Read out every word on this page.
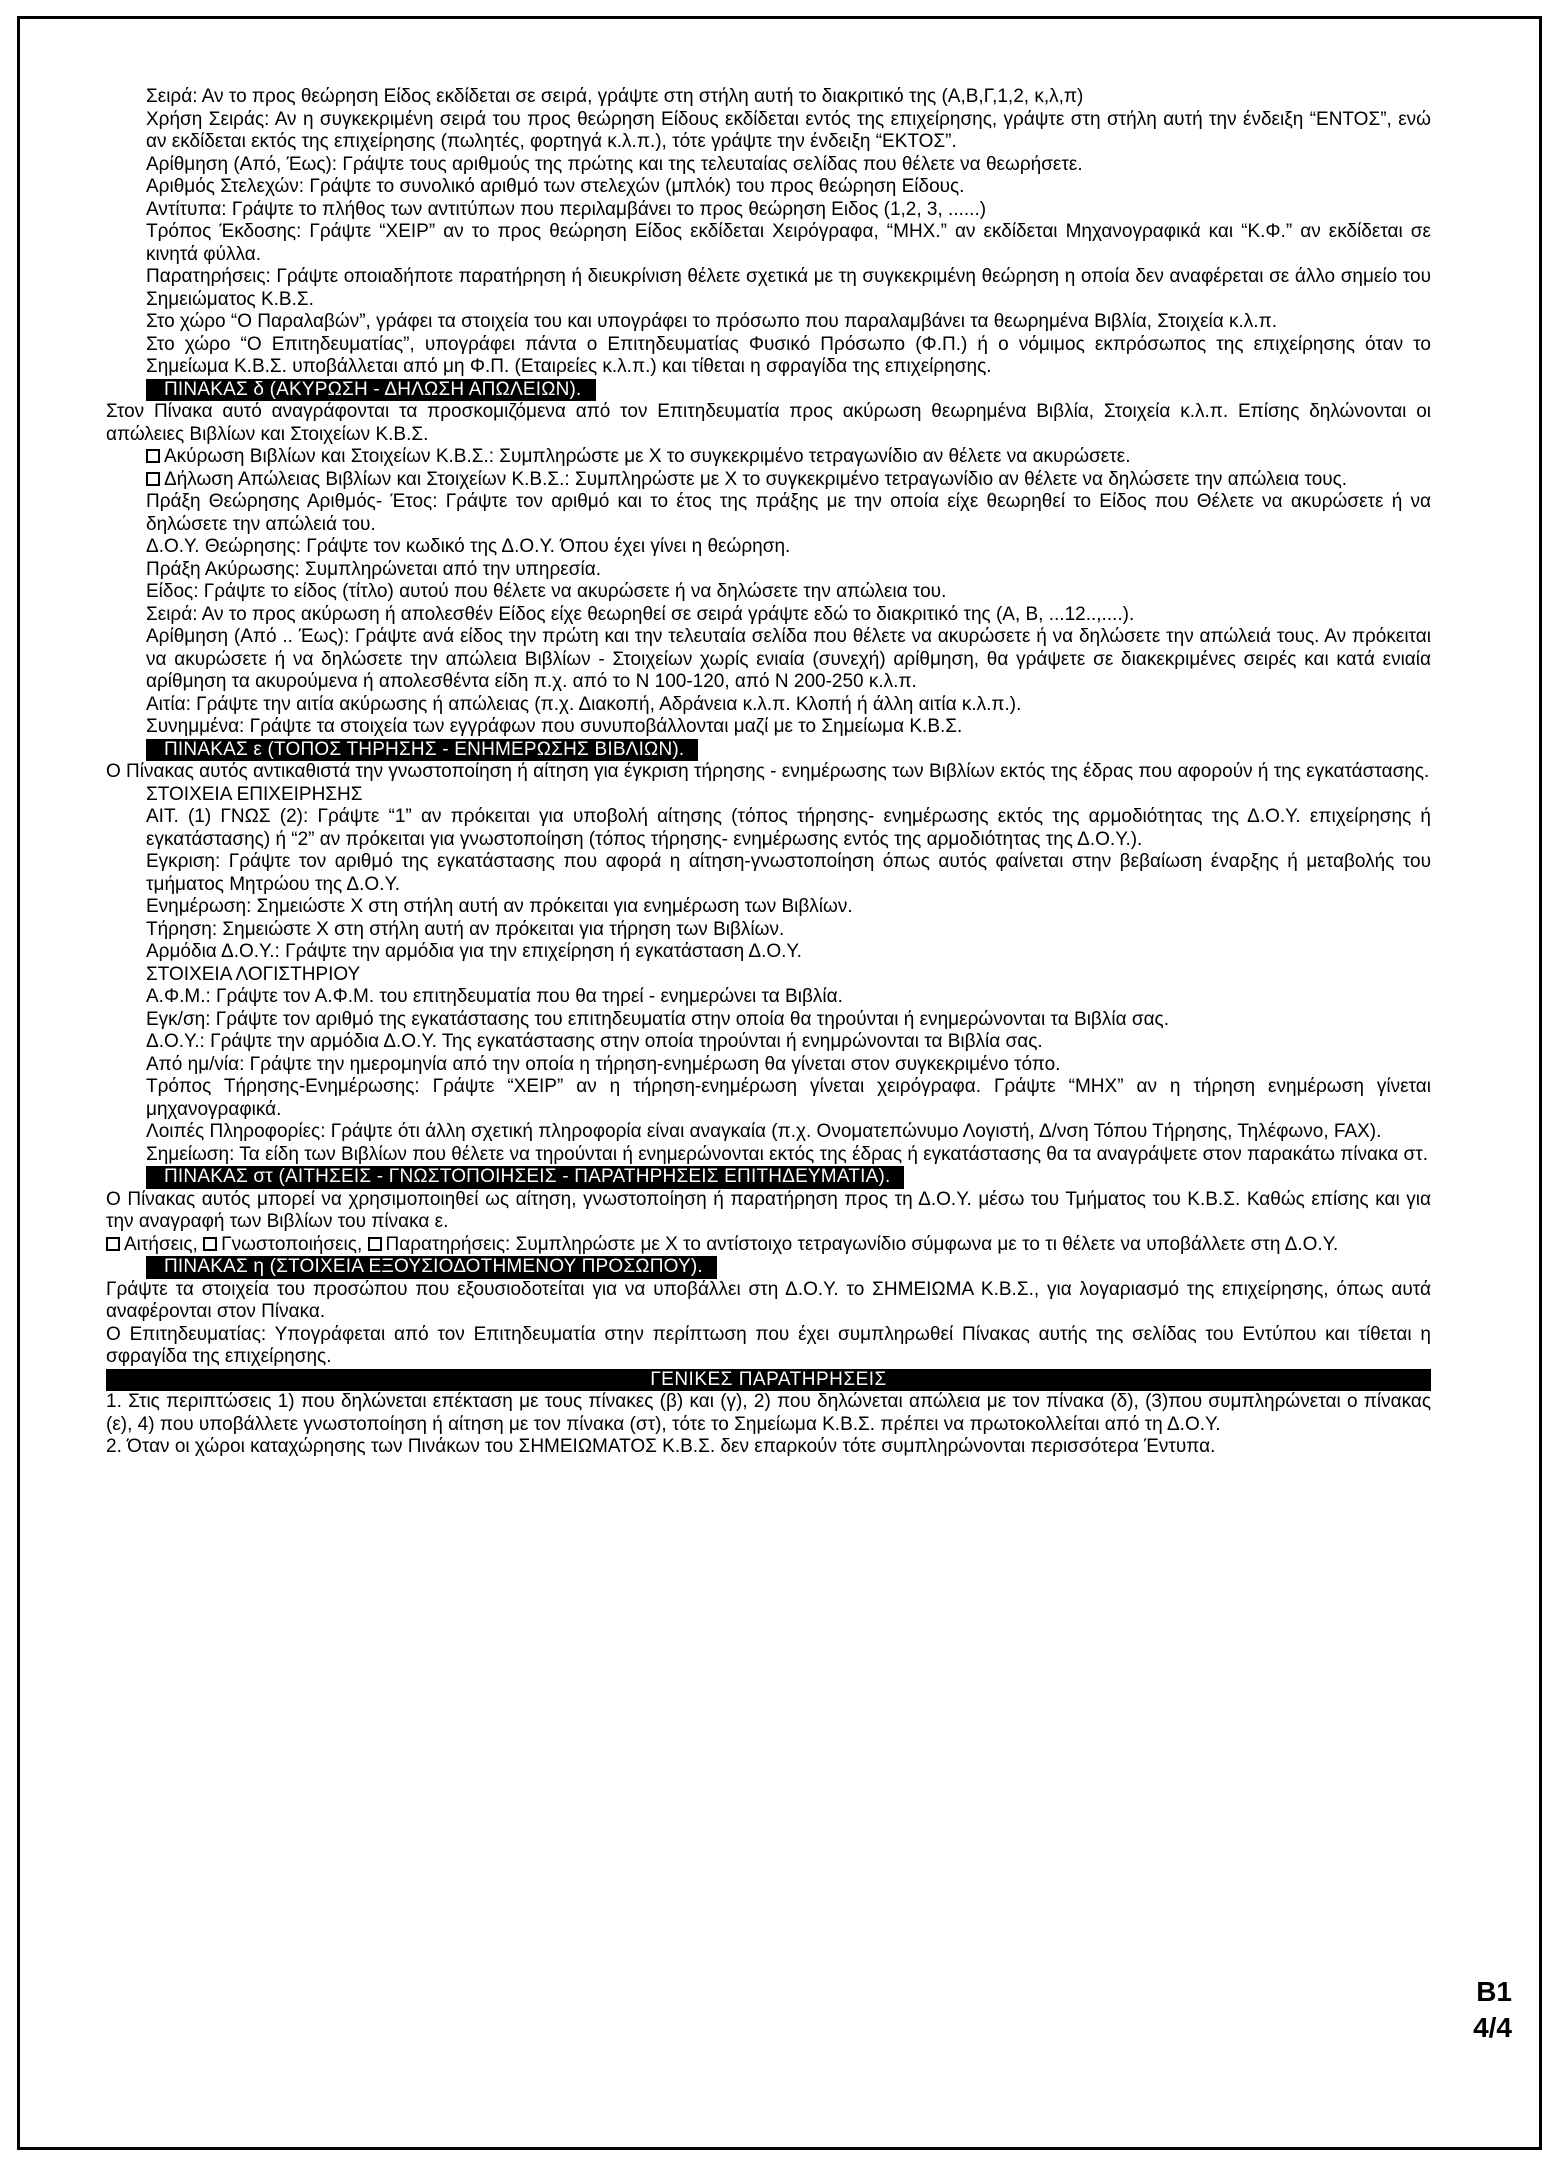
Σειρά: Αν το προς θεώρηση Είδος εκδίδεται σε σειρά, γράψτε στη στήλη αυτή το διακριτικό της (Α,Β,Γ,1,2, κ,λ,π)

Χρήση Σειράς: Αν η συγκεκριμένη σειρά του προς θεώρηση Είδους εκδίδεται εντός της επιχείρησης, γράψτε στη στήλη αυτή την ένδειξη “ΕΝΤΟΣ”, ενώ αν εκδίδεται εκτός της επιχείρησης (πωλητές, φορτηγά κ.λ.π.), τότε γράψτε την ένδειξη “ΕΚΤΟΣ”.

Αρίθμηση (Από, Έως): Γράψτε τους αριθμούς της πρώτης και της τελευταίας σελίδας που θέλετε να θεωρήσετε.

Αριθμός Στελεχών: Γράψτε το συνολικό αριθμό των στελεχών (μπλόκ) του προς θεώρηση Είδους.

Αντίτυπα: Γράψτε το πλήθος των αντιτύπων που περιλαμβάνει το προς θεώρηση Ειδος (1,2, 3, ......)

Τρόπος Έκδοσης: Γράψτε “ΧΕΙΡ” αν το προς θεώρηση Είδος εκδίδεται Χειρόγραφα, “ΜΗΧ.” αν εκδίδεται Μηχανογραφικά και “Κ.Φ.” αν εκδίδεται σε κινητά φύλλα.

Παρατηρήσεις: Γράψτε οποιαδήποτε παρατήρηση ή διευκρίνιση θέλετε σχετικά με τη συγκεκριμένη θεώρηση η οποία δεν αναφέρεται σε άλλο σημείο του Σημειώματος Κ.Β.Σ.

Στο χώρο “Ο Παραλαβών”, γράφει τα στοιχεία του και υπογράφει το πρόσωπο που παραλαμβάνει τα θεωρημένα Βιβλία, Στοιχεία κ.λ.π.

Στο χώρο “Ο Επιτηδευματίας”, υπογράφει πάντα ο Επιτηδευματίας Φυσικό Πρόσωπο (Φ.Π.) ή ο νόμιμος εκπρόσωπος της επιχείρησης όταν το Σημείωμα Κ.Β.Σ. υποβάλλεται από μη Φ.Π. (Εταιρείες κ.λ.π.) και τίθεται η σφραγίδα της επιχείρησης.

ΠΙΝΑΚΑΣ δ (ΑΚΥΡΩΣΗ - ΔΗΛΩΣΗ ΑΠΩΛΕΙΩΝ).

Στον Πίνακα αυτό αναγράφονται τα προσκομιζόμενα από τον Επιτηδευματία προς ακύρωση θεωρημένα Βιβλία, Στοιχεία κ.λ.π. Επίσης δηλώνονται οι απώλειες Βιβλίων και Στοιχείων Κ.Β.Σ.

Ακύρωση Βιβλίων και Στοιχείων Κ.Β.Σ.: Συμπληρώστε με Χ το συγκεκριμένο τετραγωνίδιο αν θέλετε να ακυρώσετε.

Δήλωση Απώλειας Βιβλίων και Στοιχείων Κ.Β.Σ.: Συμπληρώστε με Χ το συγκεκριμένο τετραγωνίδιο αν θέλετε να δηλώσετε την απώλεια τους.

Πράξη Θεώρησης Αριθμός- Έτος: Γράψτε τον αριθμό και το έτος της πράξης με την οποία είχε θεωρηθεί το Είδος που Θέλετε να ακυρώσετε ή να δηλώσετε την απώλειά του.

Δ.Ο.Υ. Θεώρησης: Γράψτε τον κωδικό της Δ.Ο.Υ. Όπου έχει γίνει η θεώρηση.

Πράξη Ακύρωσης: Συμπληρώνεται από την υπηρεσία.

Είδος: Γράψτε το είδος (τίτλο) αυτού που θέλετε να ακυρώσετε ή να δηλώσετε την απώλεια του.

Σειρά: Αν το προς ακύρωση ή απολεσθέν Είδος είχε θεωρηθεί σε σειρά γράψτε εδώ το διακριτικό της (Α, Β, ...12..,....).

Αρίθμηση (Από .. Έως): Γράψτε ανά είδος την πρώτη και την τελευταία σελίδα που θέλετε να ακυρώσετε ή να δηλώσετε την απώλειά τους. Αν πρόκειται να ακυρώσετε ή να δηλώσετε την απώλεια Βιβλίων - Στοιχείων χωρίς ενιαία (συνεχή) αρίθμηση, θα γράψετε σε διακεκριμένες σειρές και κατά ενιαία αρίθμηση τα ακυρούμενα ή απολεσθέντα είδη π.χ. από το Ν 100-120, από Ν 200-250 κ.λ.π.

Αιτία: Γράψτε την αιτία ακύρωσης ή απώλειας (π.χ. Διακοπή, Αδράνεια κ.λ.π. Κλοπή ή άλλη αιτία κ.λ.π.).

Συνημμένα: Γράψτε τα στοιχεία των εγγράφων που συνυποβάλλονται μαζί με το Σημείωμα Κ.Β.Σ.

ΠΙΝΑΚΑΣ ε (ΤΟΠΟΣ ΤΗΡΗΣΗΣ - ΕΝΗΜΕΡΩΣΗΣ ΒΙΒΛΙΩΝ).

Ο Πίνακας αυτός αντικαθιστά την γνωστοποίηση ή αίτηση για έγκριση τήρησης - ενημέρωσης των Βιβλίων εκτός της έδρας που αφορούν ή της εγκατάστασης.

ΣΤΟΙΧΕΙΑ ΕΠΙΧΕΙΡΗΣΗΣ

ΑΙΤ. (1) ΓΝΩΣ (2): Γράψτε “1” αν πρόκειται για υποβολή αίτησης (τόπος τήρησης- ενημέρωσης εκτός της αρμοδιότητας της Δ.Ο.Υ. επιχείρησης ή εγκατάστασης) ή “2” αν πρόκειται για γνωστοποίηση (τόπος τήρησης- ενημέρωσης εντός της αρμοδιότητας της Δ.Ο.Υ.).

Εγκριση: Γράψτε τον αριθμό της εγκατάστασης που αφορά η αίτηση-γνωστοποίηση όπως αυτός φαίνεται στην βεβαίωση έναρξης ή μεταβολής του τμήματος Μητρώου της Δ.Ο.Υ.

Ενημέρωση: Σημειώστε Χ στη στήλη αυτή αν πρόκειται για ενημέρωση των Βιβλίων.

Τήρηση: Σημειώστε Χ στη στήλη αυτή αν πρόκειται για τήρηση των Βιβλίων.

Αρμόδια Δ.Ο.Υ.: Γράψτε την αρμόδια για την επιχείρηση ή εγκατάσταση Δ.Ο.Υ.

ΣΤΟΙΧΕΙΑ ΛΟΓΙΣΤΗΡΙΟΥ

Α.Φ.Μ.: Γράψτε τον Α.Φ.Μ. του επιτηδευματία που θα τηρεί - ενημερώνει τα Βιβλία.

Εγκ/ση: Γράψτε τον αριθμό της εγκατάστασης του επιτηδευματία στην οποία θα τηρούνται ή ενημερώνονται τα Βιβλία σας.

Δ.Ο.Υ.: Γράψτε την αρμόδια Δ.Ο.Υ. Της εγκατάστασης στην οποία τηρούνται ή ενημρώνονται τα Βιβλία σας.

Από ημ/νία: Γράψτε την ημερομηνία από την οποία η τήρηση-ενημέρωση θα γίνεται στον συγκεκριμένο τόπο.

Τρόπος Τήρησης-Ενημέρωσης: Γράψτε “ΧΕΙΡ” αν η τήρηση-ενημέρωση γίνεται χειρόγραφα. Γράψτε “ΜΗΧ” αν η τήρηση ενημέρωση γίνεται μηχανογραφικά.

Λοιπές Πληροφορίες: Γράψτε ότι άλλη σχετική πληροφορία είναι αναγκαία (π.χ. Ονοματεπώνυμο Λογιστή, Δ/νση Τόπου Τήρησης, Τηλέφωνο, FAX).

Σημείωση: Τα είδη των Βιβλίων που θέλετε να τηρούνται ή ενημερώνονται εκτός της έδρας ή εγκατάστασης θα τα αναγράψετε στον παρακάτω πίνακα στ.

ΠΙΝΑΚΑΣ στ (ΑΙΤΗΣΕΙΣ - ΓΝΩΣΤΟΠΟΙΗΣΕΙΣ - ΠΑΡΑΤΗΡΗΣΕΙΣ ΕΠΙΤΗΔΕΥΜΑΤΙΑ).

Ο Πίνακας αυτός μπορεί να χρησιμοποιηθεί ως αίτηση, γνωστοποίηση ή παρατήρηση προς τη Δ.Ο.Υ. μέσω του Τμήματος του Κ.Β.Σ. Καθώς επίσης και για την αναγραφή των Βιβλίων του πίνακα ε.

Αιτήσεις, Γνωστοποιήσεις, Παρατηρήσεις: Συμπληρώστε με Χ το αντίστοιχο τετραγωνίδιο σύμφωνα με το τι θέλετε να υποβάλλετε στη Δ.Ο.Υ.

ΠΙΝΑΚΑΣ η (ΣΤΟΙΧΕΙΑ ΕΞΟΥΣΙΟΔΟΤΗΜΕΝΟΥ ΠΡΟΣΩΠΟΥ).

Γράψτε τα στοιχεία του προσώπου που εξουσιοδοτείται για να υποβάλλει στη Δ.Ο.Υ. το ΣΗΜΕΙΩΜΑ Κ.Β.Σ., για λογαριασμό της επιχείρησης, όπως αυτά αναφέρονται στον Πίνακα.

Ο Επιτηδευματίας: Υπογράφεται από τον Επιτηδευματία στην περίπτωση που έχει συμπληρωθεί Πίνακας αυτής της σελίδας του Εντύπου και τίθεται η σφραγίδα της επιχείρησης.

ΓΕΝΙΚΕΣ ΠΑΡΑΤΗΡΗΣΕΙΣ

1. Στις περιπτώσεις 1) που δηλώνεται επέκταση με τους πίνακες (β) και (γ), 2) που δηλώνεται απώλεια με τον πίνακα (δ), (3)που συμπληρώνεται ο πίνακας (ε), 4) που υποβάλλετε γνωστοποίηση ή αίτηση με τον πίνακα (στ), τότε το Σημείωμα Κ.Β.Σ. πρέπει να πρωτοκολλείται από τη Δ.Ο.Υ.

2. Όταν οι χώροι καταχώρησης των Πινάκων του ΣΗΜΕΙΩΜΑΤΟΣ Κ.Β.Σ. δεν επαρκούν τότε συμπληρώνονται περισσότερα Έντυπα.

Β1
4/4
